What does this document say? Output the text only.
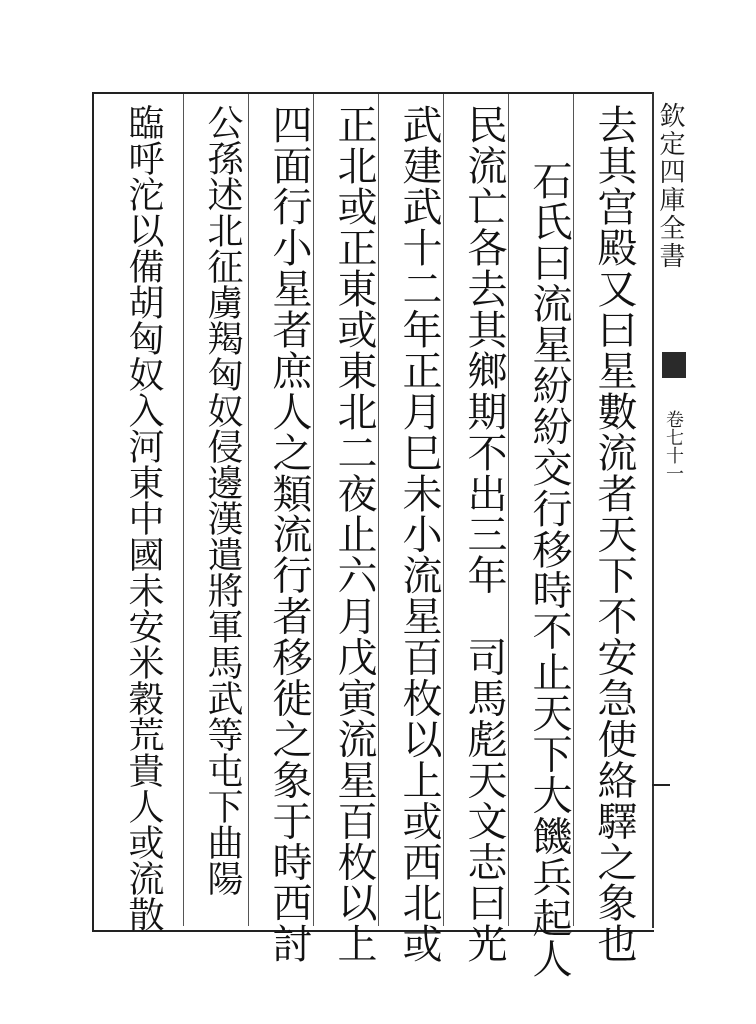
欽定四庫全書
卷七十一
去其宫殿又曰星數流者天下不安急使絡驛之象也
石氏曰流星紛紛交行移時不止天下大饑兵起人
民流亡各去其鄉期不出三年　司馬彪天文志曰光
武建武十二年正月巳未小流星百枚以上或西北或
正北或正東或東北二夜止六月戊寅流星百枚以上
四面行小星者庶人之類流行者移徙之象于時西討
公孫述北征虜羯匈奴侵邊漢遣將軍馬武等屯下曲陽
臨呼沱以備胡匈奴入河東中國未安米穀荒貴人或流散
